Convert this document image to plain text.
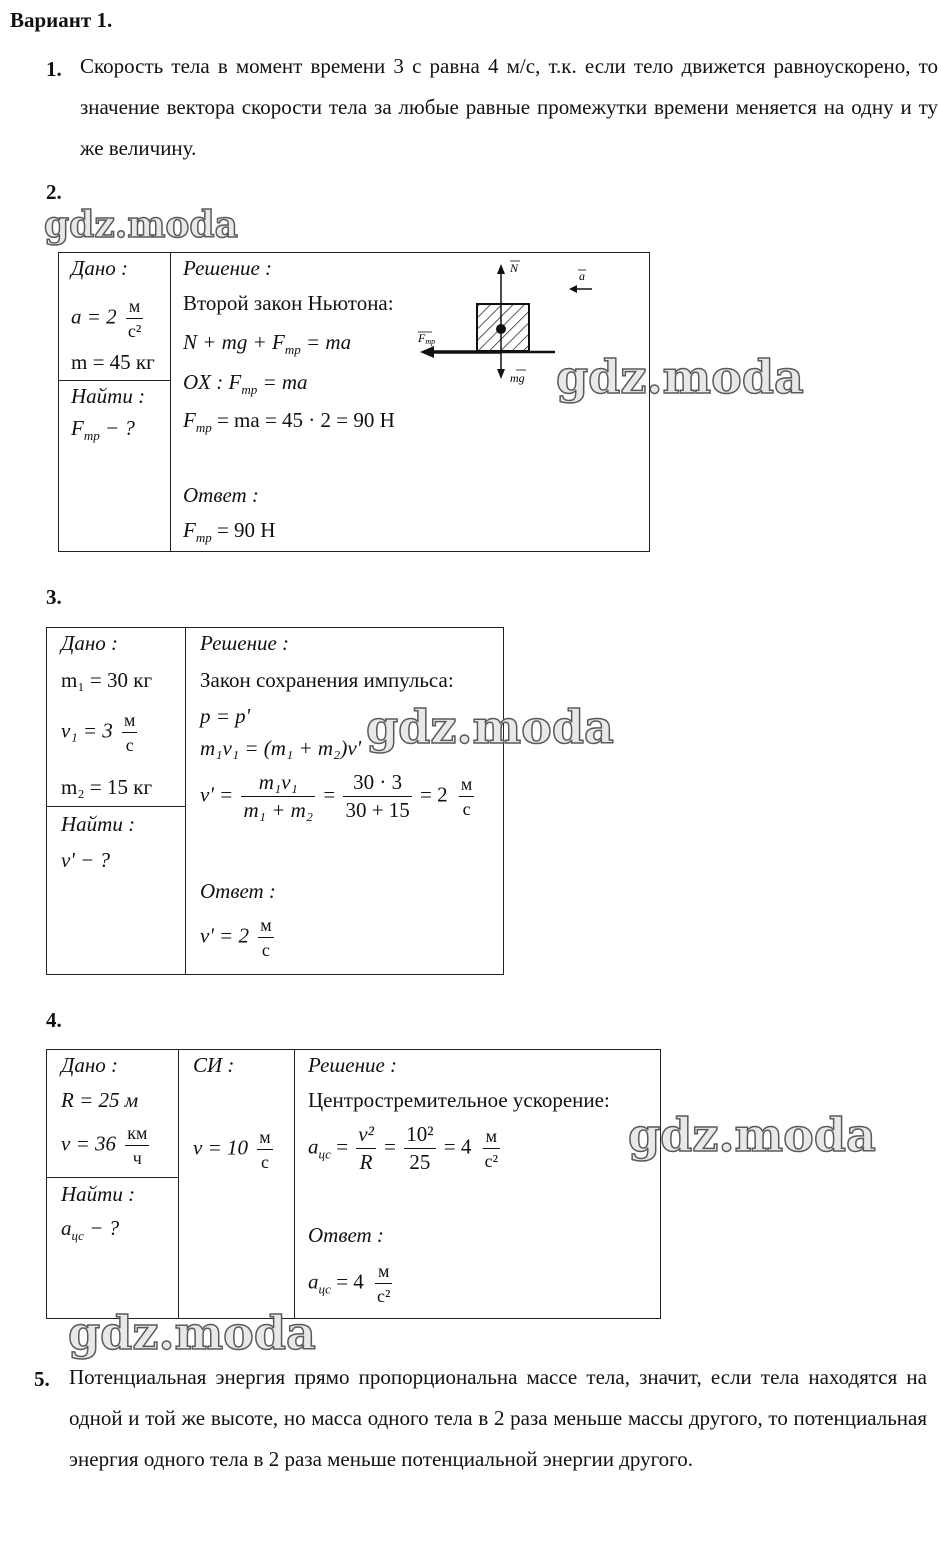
Вариант 1.
1. Скорость тела в момент времени 3 с равна 4 м/с, т.к. если тело движется равноускорено, то значение вектора скорости тела за любые равные промежутки времени меняется на одну и ту же величину.
2.
gdz.moda
Дано :
$a = 2 \frac{м}{\text{с²}}$
m = 45 кг
Найти :
$F_{тр}$ − ?
Решение :
Второй закон Ньютона:
N + mg + $F_{тр}$ = ma
OX : $F_{тр}$ = ma
$F_{тр}$ = ma = 45 · 2 = 90 Н
Ответ :
$F_{тр} = 90$ Н
N
a
Fтр
mg gdz.moda
3.
Дано :
m₁ = 30 кг
$v_1 = 3 \frac{м}{с}$
m₂ = 15 кг
Найти :
v' − ?
Решение :
Закон сохранения импульса:
p = p'
m₁v₁ = (m₁ + m₂)v'
$v' = \frac{\text{m₁v₁}}{\text{m₁ + m₂}} = \frac{30 \cdot 3}{30 + 15} = 2 \frac{м}{с}$
Ответ :
$v' = 2 \frac{м}{с}$
gdz.moda
4.
Дано :
R = 25 м
$v = 36 \frac{км}{ч}$
Найти :
$a_{цс}$ − ?
СИ :
$v = 10 \frac{м}{с}$
Решение :
Центростремительное ускорение:
$a_{цс} = \frac{\text{v²}}{R} = \frac{\text{10²}}{25} = 4 \frac{м}{\text{с²}}$
Ответ :
$a_{цс} = 4 \frac{м}{\text{с²}}$
gdz.moda
gdz.moda
5. Потенциальная энергия прямо пропорциональна массе тела, значит, если тела находятся на одной и той же высоте, но масса одного тела в 2 раза меньше массы другого, то потенциальная энергия одного тела в 2 раза меньше потенциальной энергии другого.
